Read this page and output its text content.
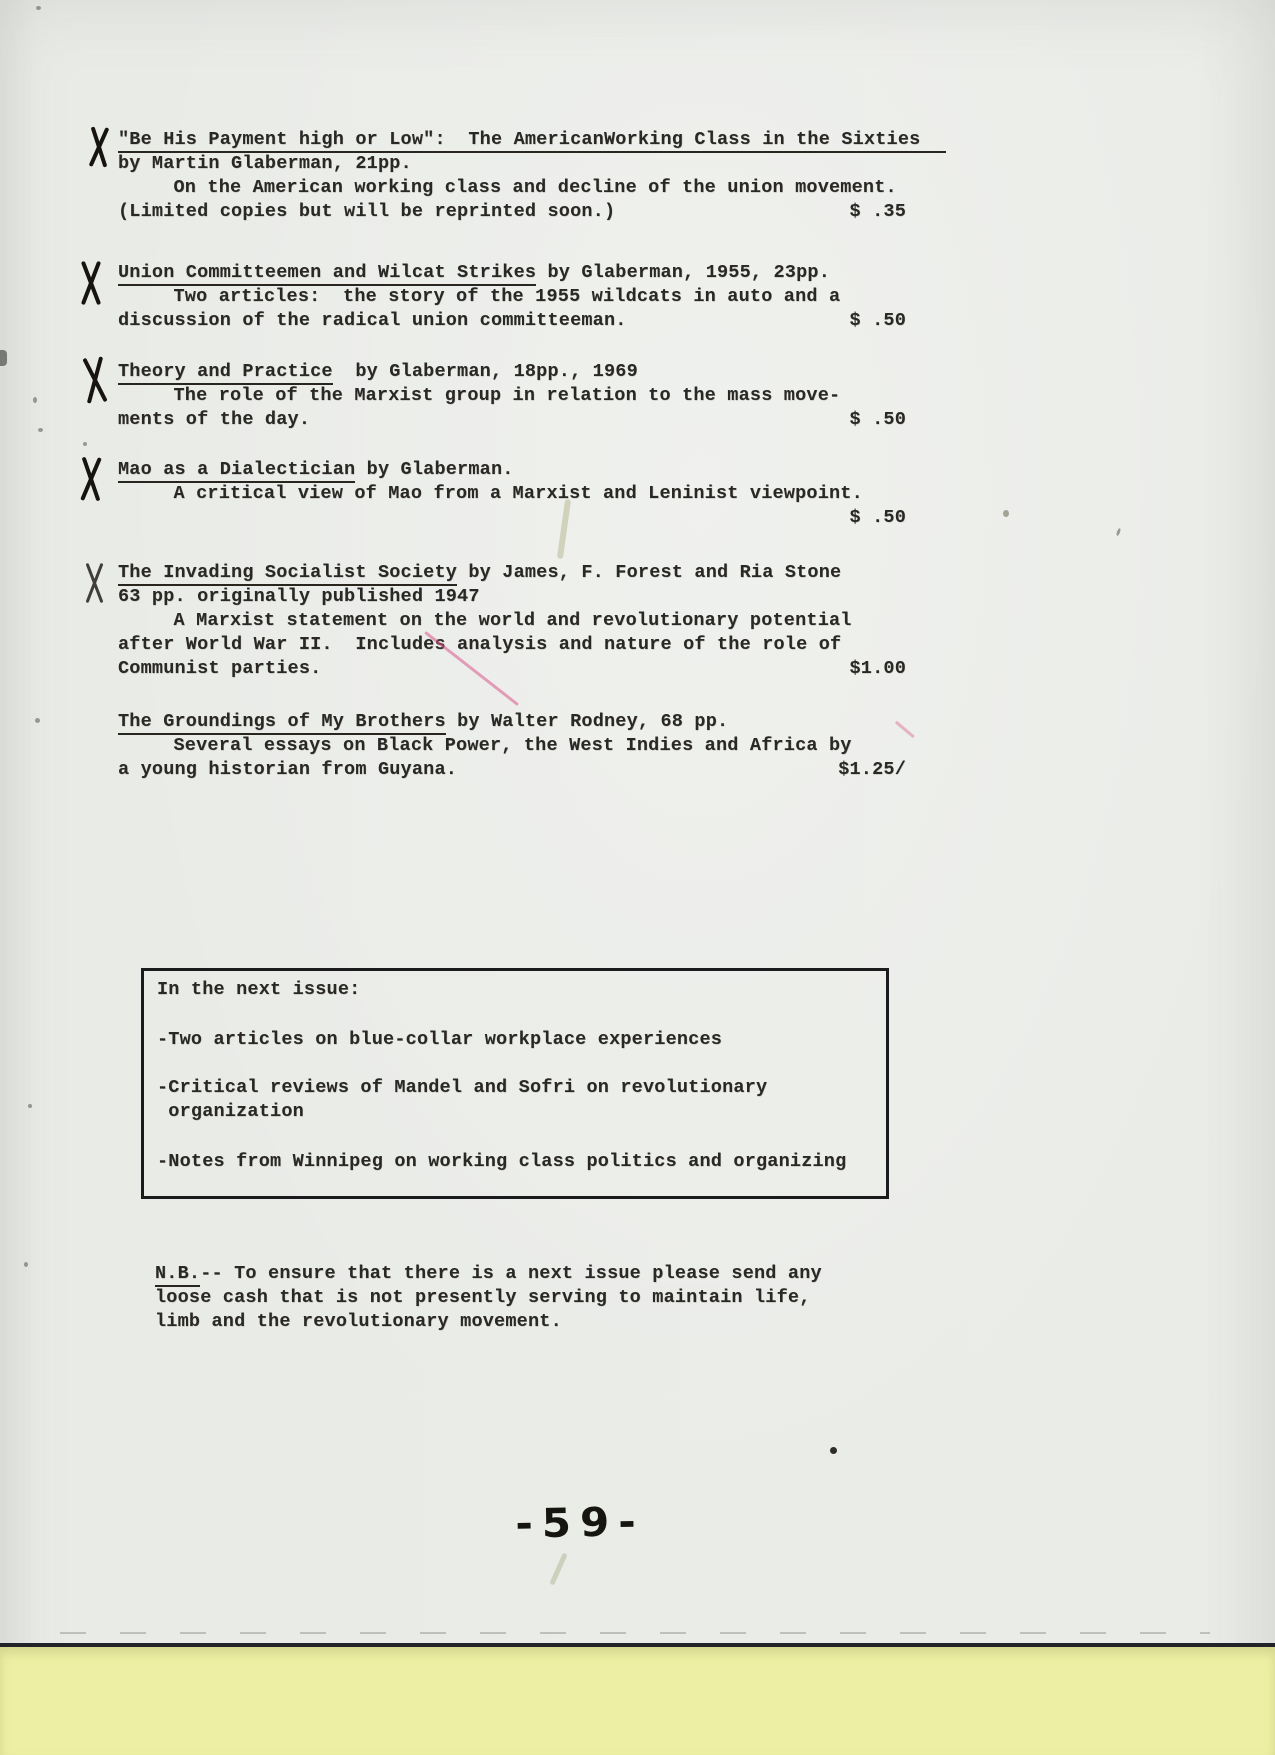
"Be His Payment high or Low":  The AmericanWorking Class in the Sixties
by Martin Glaberman, 21pp.
On the American working class and decline of the union movement.
(Limited copies but will be reprinted soon.)	$ .35
Union Committeemen and Wilcat Strikes by Glaberman, 1955, 23pp.
Two articles:  the story of the 1955 wildcats in auto and a
discussion of the radical union committeeman.	$ .50
Theory and Practice  by Glaberman, 18pp., 1969
The role of the Marxist group in relation to the mass move-
ments of the day.	$ .50
Mao as a Dialectician by Glaberman.
A critical view of Mao from a Marxist and Leninist viewpoint.
$ .50
The Invading Socialist Society by James, F. Forest and Ria Stone
63 pp. originally published 1947
A Marxist statement on the world and revolutionary potential
after World War II.  Includes analysis and nature of the role of
Communist parties.	$1.00
The Groundings of My Brothers by Walter Rodney, 68 pp.
Several essays on Black Power, the West Indies and Africa by
a young historian from Guyana.	$1.25/
In the next issue:
-Two articles on blue-collar workplace experiences
-Critical reviews of Mandel and Sofri on revolutionary
organization
-Notes from Winnipeg on working class politics and organizing
N.B.-- To ensure that there is a next issue please send any
loose cash that is not presently serving to maintain life,
limb and the revolutionary movement.
-59-
